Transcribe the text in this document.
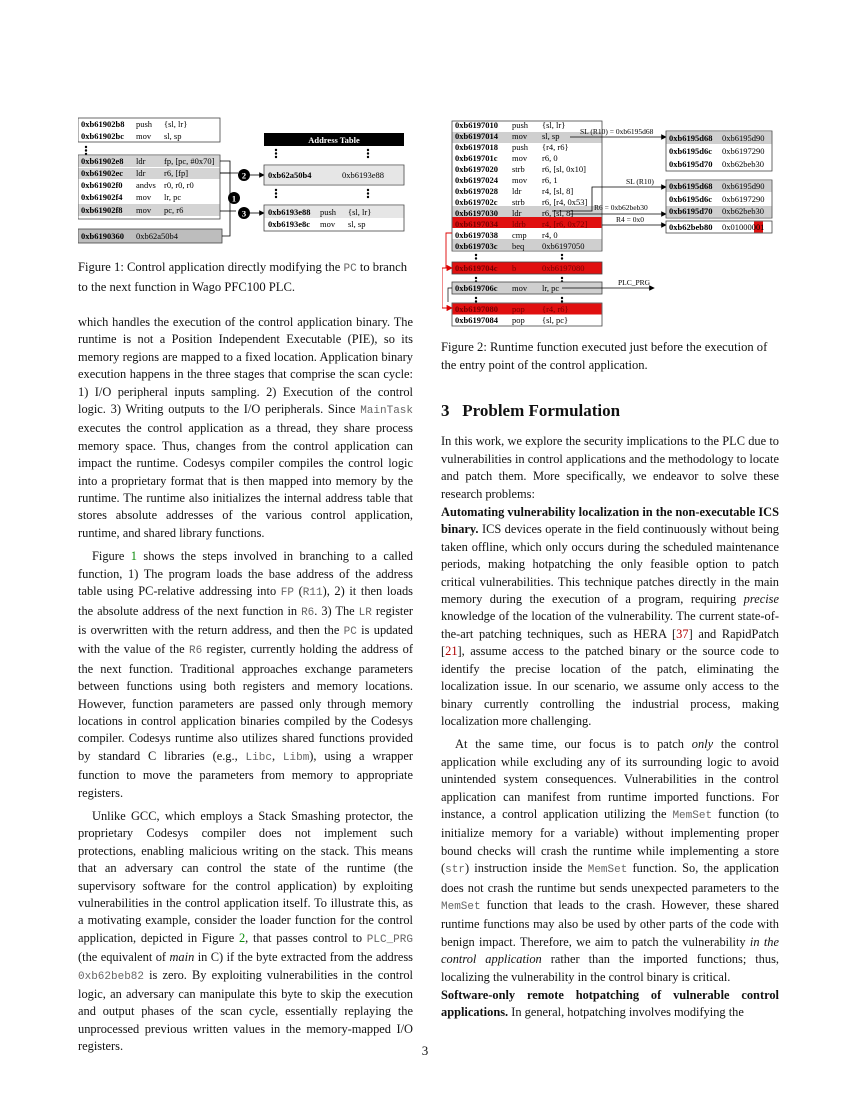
0xb61902b8 push {sl, lr}
0xb61902bc mov sl, sp
0xb61902e8 ldr fp, [pc, #0x70]
0xb61902ec ldr r6, [fp]
0xb61902f0 andvs r0, r0, r0
0xb61902f4 mov lr, pc
0xb61902f8 mov pc, r6
0xb6190360 0xb62a50b4
2
1
3
Address Table
0xb62a50b4	0xb6193e88
0xb6193e88 push {sl, lr}
0xb6193e8c mov sl, sp
Figure 1: Control application directly modifying the PC to branch to the next function in Wago PFC100 PLC.
0xb6197010 push {sl, lr}
0xb6197014 mov sl, sp
0xb6197018 push {r4, r6}
0xb619701c mov r6, 0
0xb6197020 strb r6, [sl, 0x10]
0xb6197024 mov r6, 1
0xb6197028 ldr r4, [sl, 8]
0xb619702c strb r6, [r4, 0x53]
0xb6197030 ldr r6, [sl, 8]
0xb6197034 ldrb r4, [r6, 0x72]
0xb6197038 cmp r4, 0
0xb619703c beq 0xb6197050
0xb619704c b	0xb6197080
0xb619706c mov lr, pc
0xb6197080 pop {r4, r6}
0xb6197084 pop {sl, pc}
SL (R10) = 0xb6195d68
SL (R10)
R6 = 0xb62beb30
R4 = 0x0
PLC_PRG
0xb6195d68 0xb6195d90
0xb6195d6c 0xb6197290
0xb6195d70 0xb62beb30
0xb6195d68 0xb6195d90
0xb6195d6c 0xb6197290
0xb6195d70 0xb62beb30
0xb62beb80 0x01000001
Figure 2: Runtime function executed just before the execution of the entry point of the control application.

which handles the execution of the control application binary. The runtime is not a Position Independent Executable (PIE), so its memory regions are mapped to a fixed location. Application binary execution happens in the three stages that comprise the scan cycle: 1) I/O peripheral inputs sampling. 2) Execution of the control logic. 3) Writing outputs to the I/O peripherals. Since MainTask executes the control application as a thread, they share process memory space. Thus, changes from the control application can impact the runtime. Codesys compiler compiles the control logic into a proprietary format that is then mapped into memory by the runtime. The runtime also initializes the internal address table that stores absolute addresses of the various control application, runtime, and shared library functions.

Figure 1 shows the steps involved in branching to a called function, 1) The program loads the base address of the address table using PC-relative addressing into FP (R11), 2) it then loads the absolute address of the next function in R6. 3) The LR register is overwritten with the return address, and then the PC is updated with the value of the R6 register, currently holding the address of the next function. Traditional approaches exchange parameters between functions using both registers and memory locations. However, function parameters are passed only through memory locations in control application binaries compiled by the Codesys compiler. Codesys runtime also utilizes shared functions provided by standard C libraries (e.g., Libc, Libm), using a wrapper function to move the parameters from memory to appropriate registers.

Unlike GCC, which employs a Stack Smashing protector, the proprietary Codesys compiler does not implement such protections, enabling malicious writing on the stack. This means that an adversary can control the state of the runtime (the supervisory software for the control application) by exploiting vulnerabilities in the control application itself. To illustrate this, as a motivating example, consider the loader function for the control application, depicted in Figure 2, that passes control to PLC_PRG (the equivalent of main in C) if the byte extracted from the address 0xb62beb82 is zero. By exploiting vulnerabilities in the control logic, an adversary can manipulate this byte to skip the execution and output phases of the scan cycle, essentially replaying the unprocessed previous written values in the memory-mapped I/O registers.

3 Problem Formulation

In this work, we explore the security implications to the PLC due to vulnerabilities in control applications and the methodology to locate and patch them. More specifically, we endeavor to solve these research problems:

Automating vulnerability localization in the non-executable ICS binary. ICS devices operate in the field continuously without being taken offline, which only occurs during the scheduled maintenance periods, making hotpatching the only feasible option to patch critical vulnerabilities. This technique patches directly in the main memory during the execution of a program, requiring precise knowledge of the location of the vulnerability. The current state-of-the-art patching techniques, such as HERA [37] and RapidPatch [21], assume access to the patched binary or the source code to identify the precise location of the patch, eliminating the localization issue. In our scenario, we assume only access to the binary currently controlling the industrial process, making localization more challenging.

At the same time, our focus is to patch only the control application while excluding any of its surrounding logic to avoid unintended system consequences. Vulnerabilities in the control application can manifest from runtime imported functions. For instance, a control application utilizing the MemSet function (to initialize memory for a variable) without implementing proper bound checks will crash the runtime while implementing a store (str) instruction inside the MemSet function. So, the application does not crash the runtime but sends unexpected parameters to the MemSet function that leads to the crash. However, these shared runtime functions may also be used by other parts of the code with benign impact. Therefore, we aim to patch the vulnerability in the control application rather than the imported functions; thus, localizing the vulnerability in the control binary is critical.

Software-only remote hotpatching of vulnerable control applications. In general, hotpatching involves modifying the

3
